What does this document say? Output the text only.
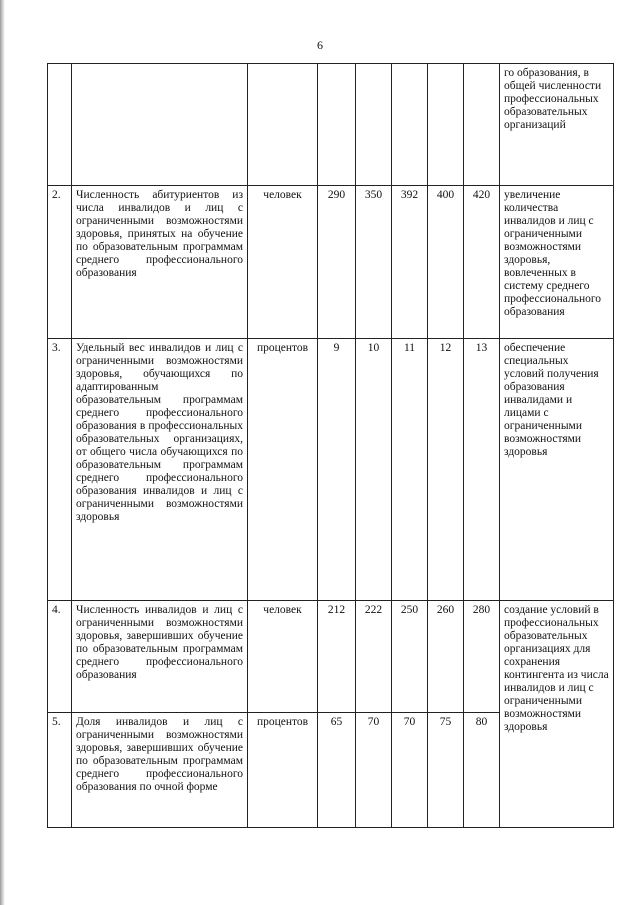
6
								го образования, в общей численности профессиональных образовательных организаций
2.	Численность абитуриентов из числа инвалидов и лиц с ограниченными возможностями здоровья, принятых на обучение по образовательным программам среднего профессионального образования	человек	290	350	392	400	420	увеличение количества инвалидов и лиц с ограниченными возможностями здоровья, вовлеченных в систему среднего профессионального образования
3.	Удельный вес инвалидов и лиц с ограниченными возможностями здоровья, обучающихся по адаптированным образовательным программам среднего профессионального образования в профессиональных образовательных организациях, от общего числа обучающихся по образовательным программам среднего профессионального образования инвалидов и лиц с ограниченными возможностями здоровья	процентов	9	10	11	12	13	обеспечение специальных условий получения образования инвалидами и лицами с ограниченными возможностями здоровья
4.	Численность инвалидов и лиц с ограниченными возможностями здоровья, завершивших обучение по образовательным программам среднего профессионального образования	человек	212	222	250	260	280	создание условий в профессиональных образовательных организациях для сохранения контингента из числа инвалидов и лиц с ограниченными возможностями здоровья
5.	Доля инвалидов и лиц с ограниченными возможностями здоровья, завершивших обучение по образовательным программам среднего профессионального образования по очной форме	процентов	65	70	70	75	80	
